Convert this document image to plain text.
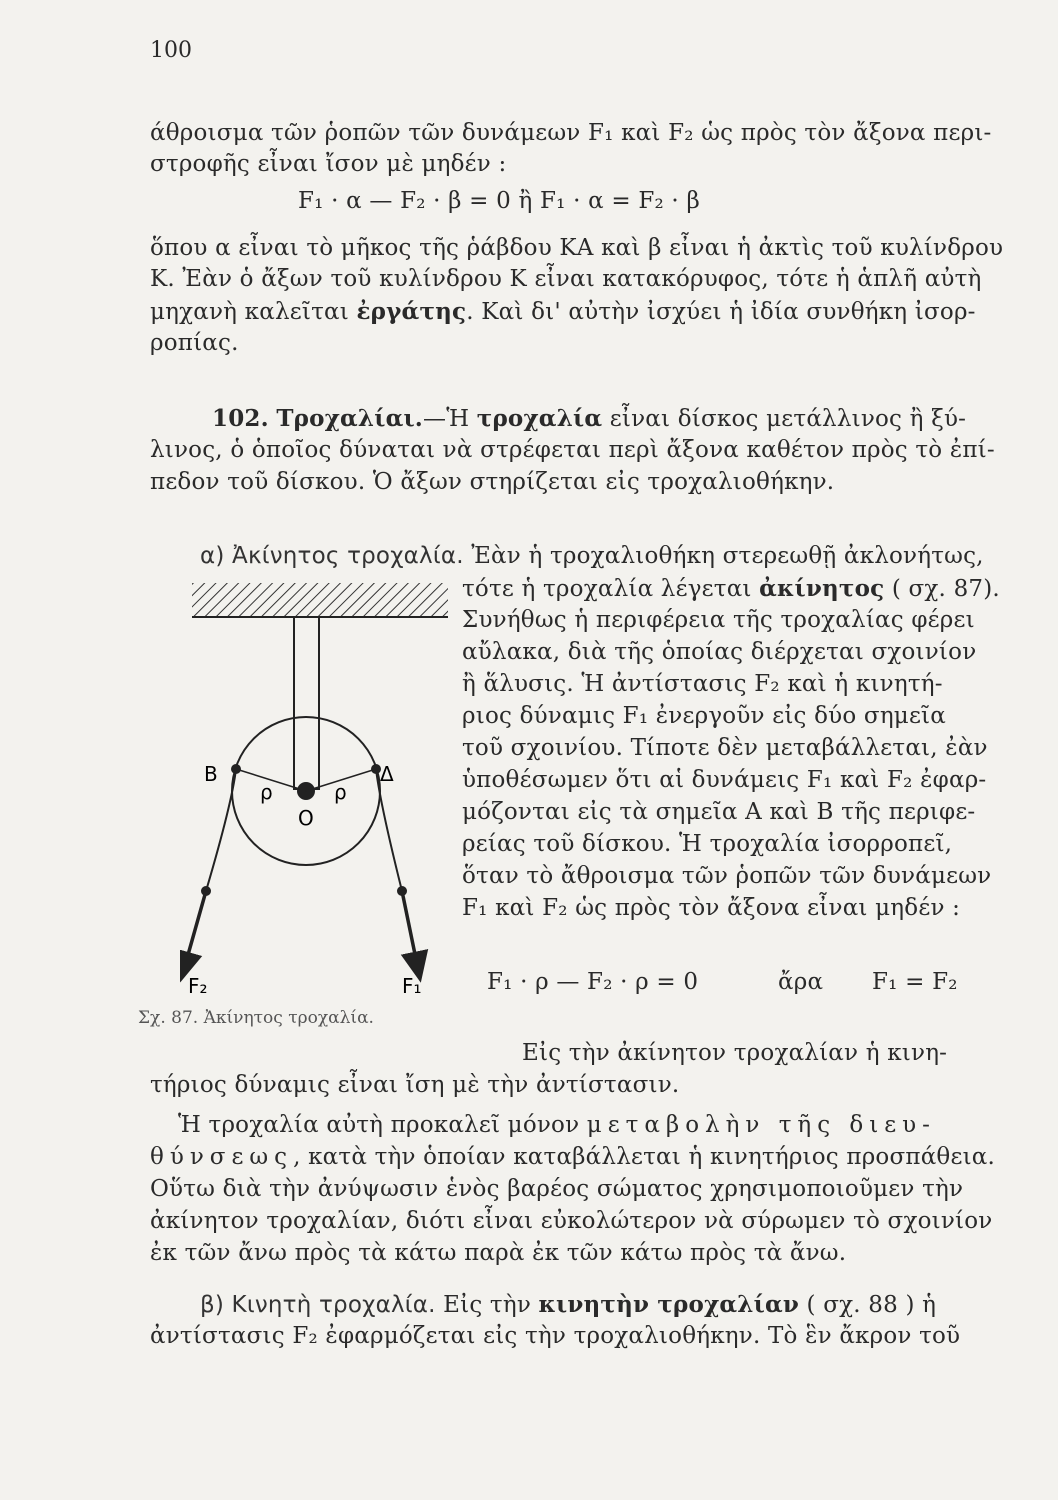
100
άθροισμα τῶν ῥοπῶν τῶν δυνάμεων F₁ καὶ F₂ ὡς πρὸς τὸν ἄξονα περι-
στροφῆς εἶναι ἴσον μὲ μηδέν :
F₁ · α — F₂ · β = 0 ἢ F₁ · α = F₂ · β
ὅπου α εἶναι τὸ μῆκος τῆς ῥάβδου ΚΑ καὶ β εἶναι ἡ ἀκτὶς τοῦ κυλίνδρου
Κ. Ἐὰν ὁ ἄξων τοῦ κυλίνδρου Κ εἶναι κατακόρυφος, τότε ἡ ἁπλῆ αὐτὴ
μηχανὴ καλεῖται ἐργάτης. Καὶ δι' αὐτὴν ἰσχύει ἡ ἰδία συνθήκη ἰσορ-
ροπίας.
102. Τροχαλίαι.—Ἡ τροχαλία εἶναι δίσκος μετάλλινος ἢ ξύ-
λινος, ὁ ὁποῖος δύναται νὰ στρέφεται περὶ ἄξονα καθέτον πρὸς τὸ ἐπί-
πεδον τοῦ δίσκου. Ὁ ἄξων στηρίζεται εἰς τροχαλιοθήκην.
α) Ἀκίνητος τροχαλία. Ἐὰν ἡ τροχαλιοθήκη στερεωθῇ ἀκλονήτως,
τότε ἡ τροχαλία λέγεται ἀκίνητος ( σχ. 87).
Συνήθως ἡ περιφέρεια τῆς τροχαλίας φέρει
αὔλακα, διὰ τῆς ὁποίας διέρχεται σχοινίον
ἢ ἅλυσις. Ἡ ἀντίστασις F₂ καὶ ἡ κινητή-
ριος δύναμις F₁ ἐνεργοῦν εἰς δύο σημεῖα
τοῦ σχοινίου. Τίποτε δὲν μεταβάλλεται, ἐὰν
ὑποθέσωμεν ὅτι αἱ δυνάμεις F₁ καὶ F₂ ἐφαρ-
μόζονται εἰς τὰ σημεῖα Α καὶ Β τῆς περιφε-
ρείας τοῦ δίσκου. Ἡ τροχαλία ἰσορροπεῖ,
ὅταν τὸ ἄθροισμα τῶν ῥοπῶν τῶν δυνάμεων
F₁ καὶ F₂ ὡς πρὸς τὸν ἄξονα εἶναι μηδέν :
F₁ · ρ — F₂ · ρ = 0	ἄρα F₁ = F₂
Β	Δ
ρ	ρ
Ο
F₂	F₁
Σχ. 87. Ἀκίνητος τροχαλία.
Εἰς τὴν ἀκίνητον τροχαλίαν ἡ κινη-
τήριος δύναμις εἶναι ἴση μὲ τὴν ἀντίστασιν.
Ἡ τροχαλία αὐτὴ προκαλεῖ μόνον μεταβολὴν τῆς διευ-
θύνσεως, κατὰ τὴν ὁποίαν καταβάλλεται ἡ κινητήριος προσπάθεια.
Οὕτω διὰ τὴν ἀνύψωσιν ἑνὸς βαρέος σώματος χρησιμοποιοῦμεν τὴν
ἀκίνητον τροχαλίαν, διότι εἶναι εὐκολώτερον νὰ σύρωμεν τὸ σχοινίον
ἐκ τῶν ἄνω πρὸς τὰ κάτω παρὰ ἐκ τῶν κάτω πρὸς τὰ ἄνω.
β) Κινητὴ τροχαλία. Εἰς τὴν κινητὴν τροχαλίαν ( σχ. 88 ) ἡ
ἀντίστασις F₂ ἐφαρμόζεται εἰς τὴν τροχαλιοθήκην. Τὸ ἓν ἄκρον τοῦ
